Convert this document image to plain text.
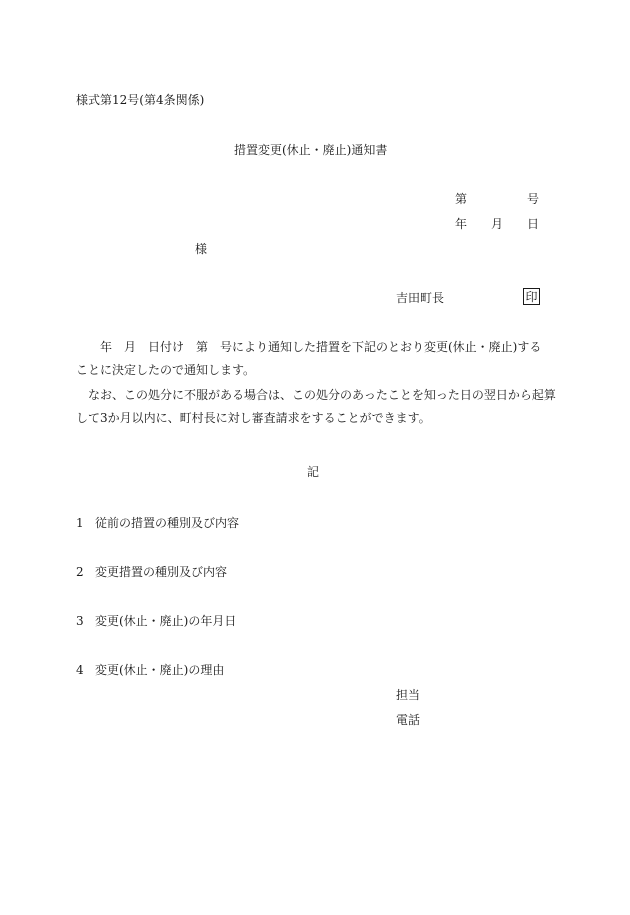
様式第12号(第4条関係)
措置変更(休止・廃止)通知書
第	号
年 月 日
様
吉田町長	印
　　年　月　日付け　第　号により通知した措置を下記のとおり変更(休止・廃止)する
ことに決定したので通知します。
　なお、この処分に不服がある場合は、この処分のあったことを知った日の翌日から起算
して3か月以内に、町村長に対し審査請求をすることができます。
記
1 従前の措置の種別及び内容
2 変更措置の種別及び内容
3 変更(休止・廃止)の年月日
4 変更(休止・廃止)の理由
担当
電話
